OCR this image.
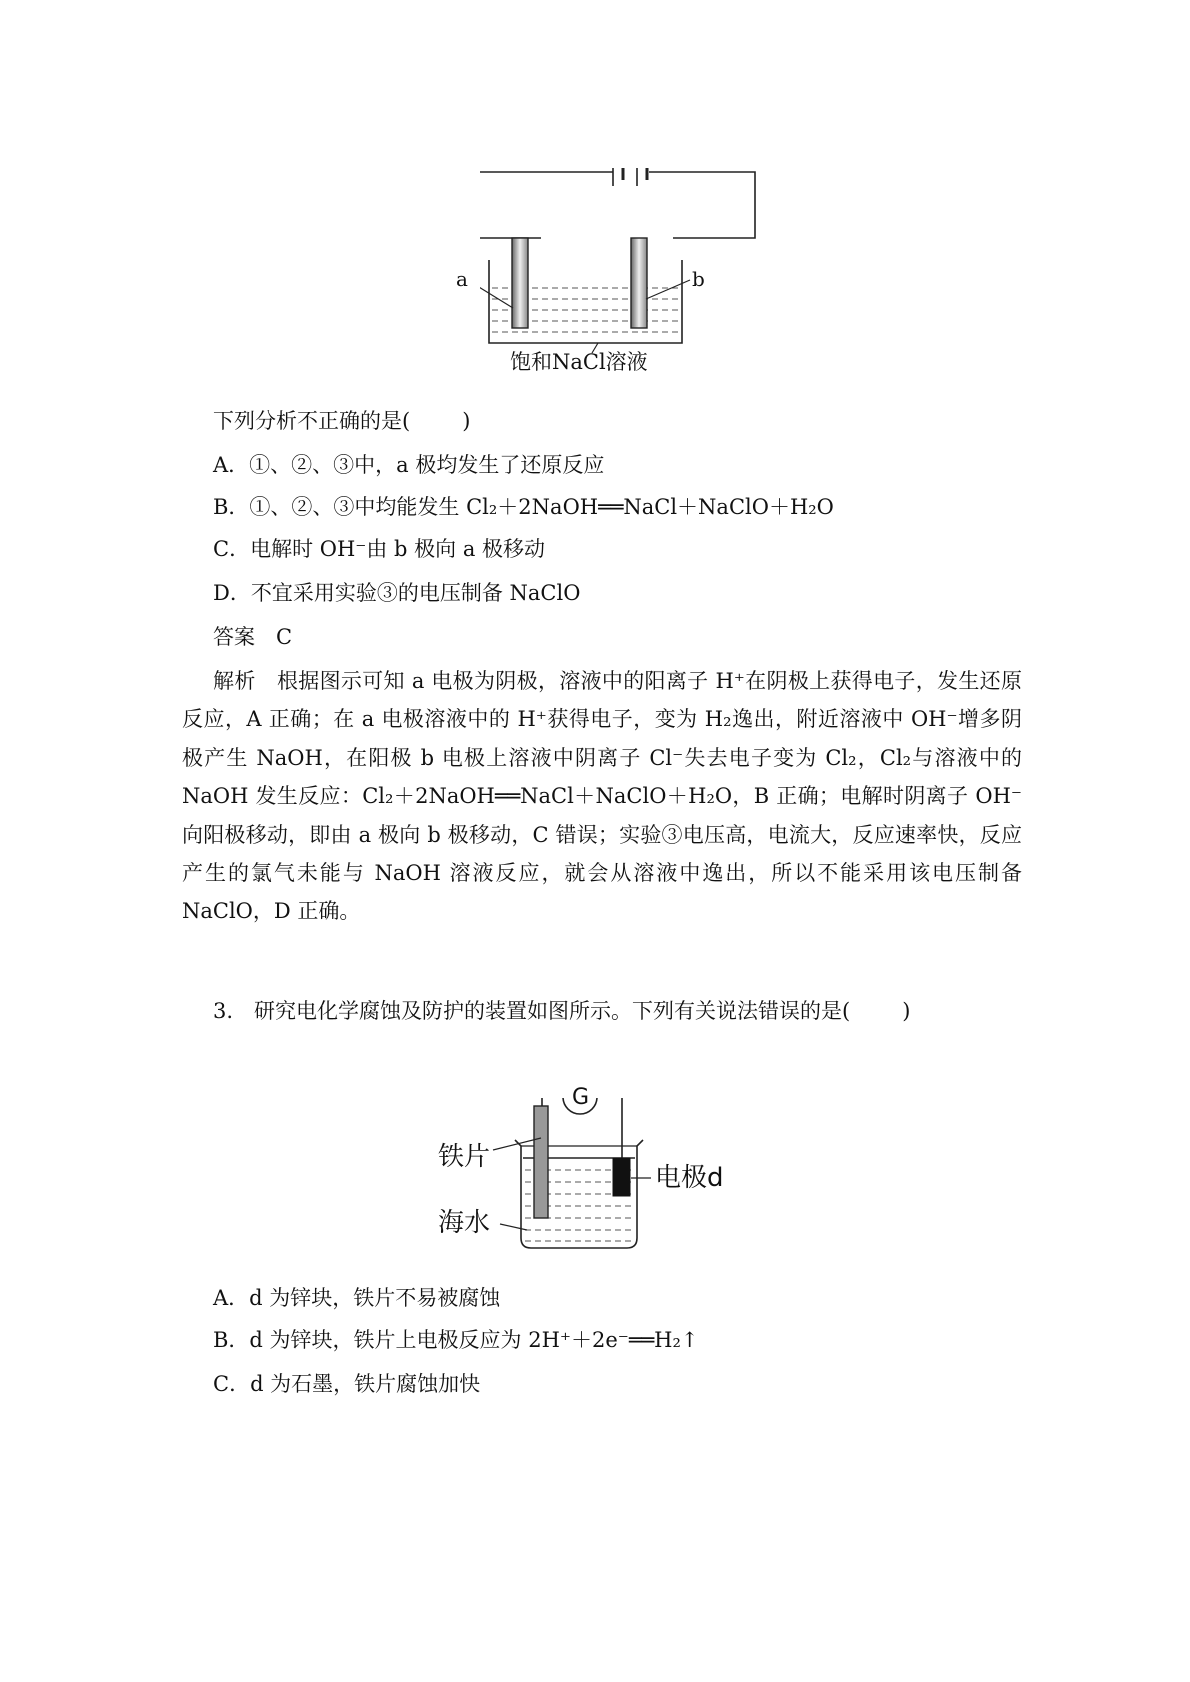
a	b
饱和NaCl溶液
下列分析不正确的是( )
A．①、②、③中，a 极均发生了还原反应
B．①、②、③中均能发生 Cl₂＋2NaOH══NaCl＋NaClO＋H₂O
C．电解时 OH⁻由 b 极向 a 极移动
D．不宜采用实验③的电压制备 NaClO
答案　C
解析　根据图示可知 a 电极为阴极，溶液中的阳离子 H⁺在阴极上获得电子，发生还原反应，A 正确；在 a 电极溶液中的 H⁺获得电子，变为 H₂逸出，附近溶液中 OH⁻增多阴极产生 NaOH，在阳极 b 电极上溶液中阴离子 Cl⁻失去电子变为 Cl₂，Cl₂与溶液中的 NaOH 发生反应：Cl₂＋2NaOH══NaCl＋NaClO＋H₂O，B 正确；电解时阴离子 OH⁻向阳极移动，即由 a 极向 b 极移动，C 错误；实验③电压高，电流大，反应速率快，反应产生的氯气未能与 NaOH 溶液反应，就会从溶液中逸出，所以不能采用该电压制备 NaClO，D 正确。
3.　研究电化学腐蚀及防护的装置如图所示。下列有关说法错误的是( )
G
铁片
电极d
海水
A．d 为锌块，铁片不易被腐蚀
B．d 为锌块，铁片上电极反应为 2H⁺＋2e⁻══H₂↑
C．d 为石墨，铁片腐蚀加快
